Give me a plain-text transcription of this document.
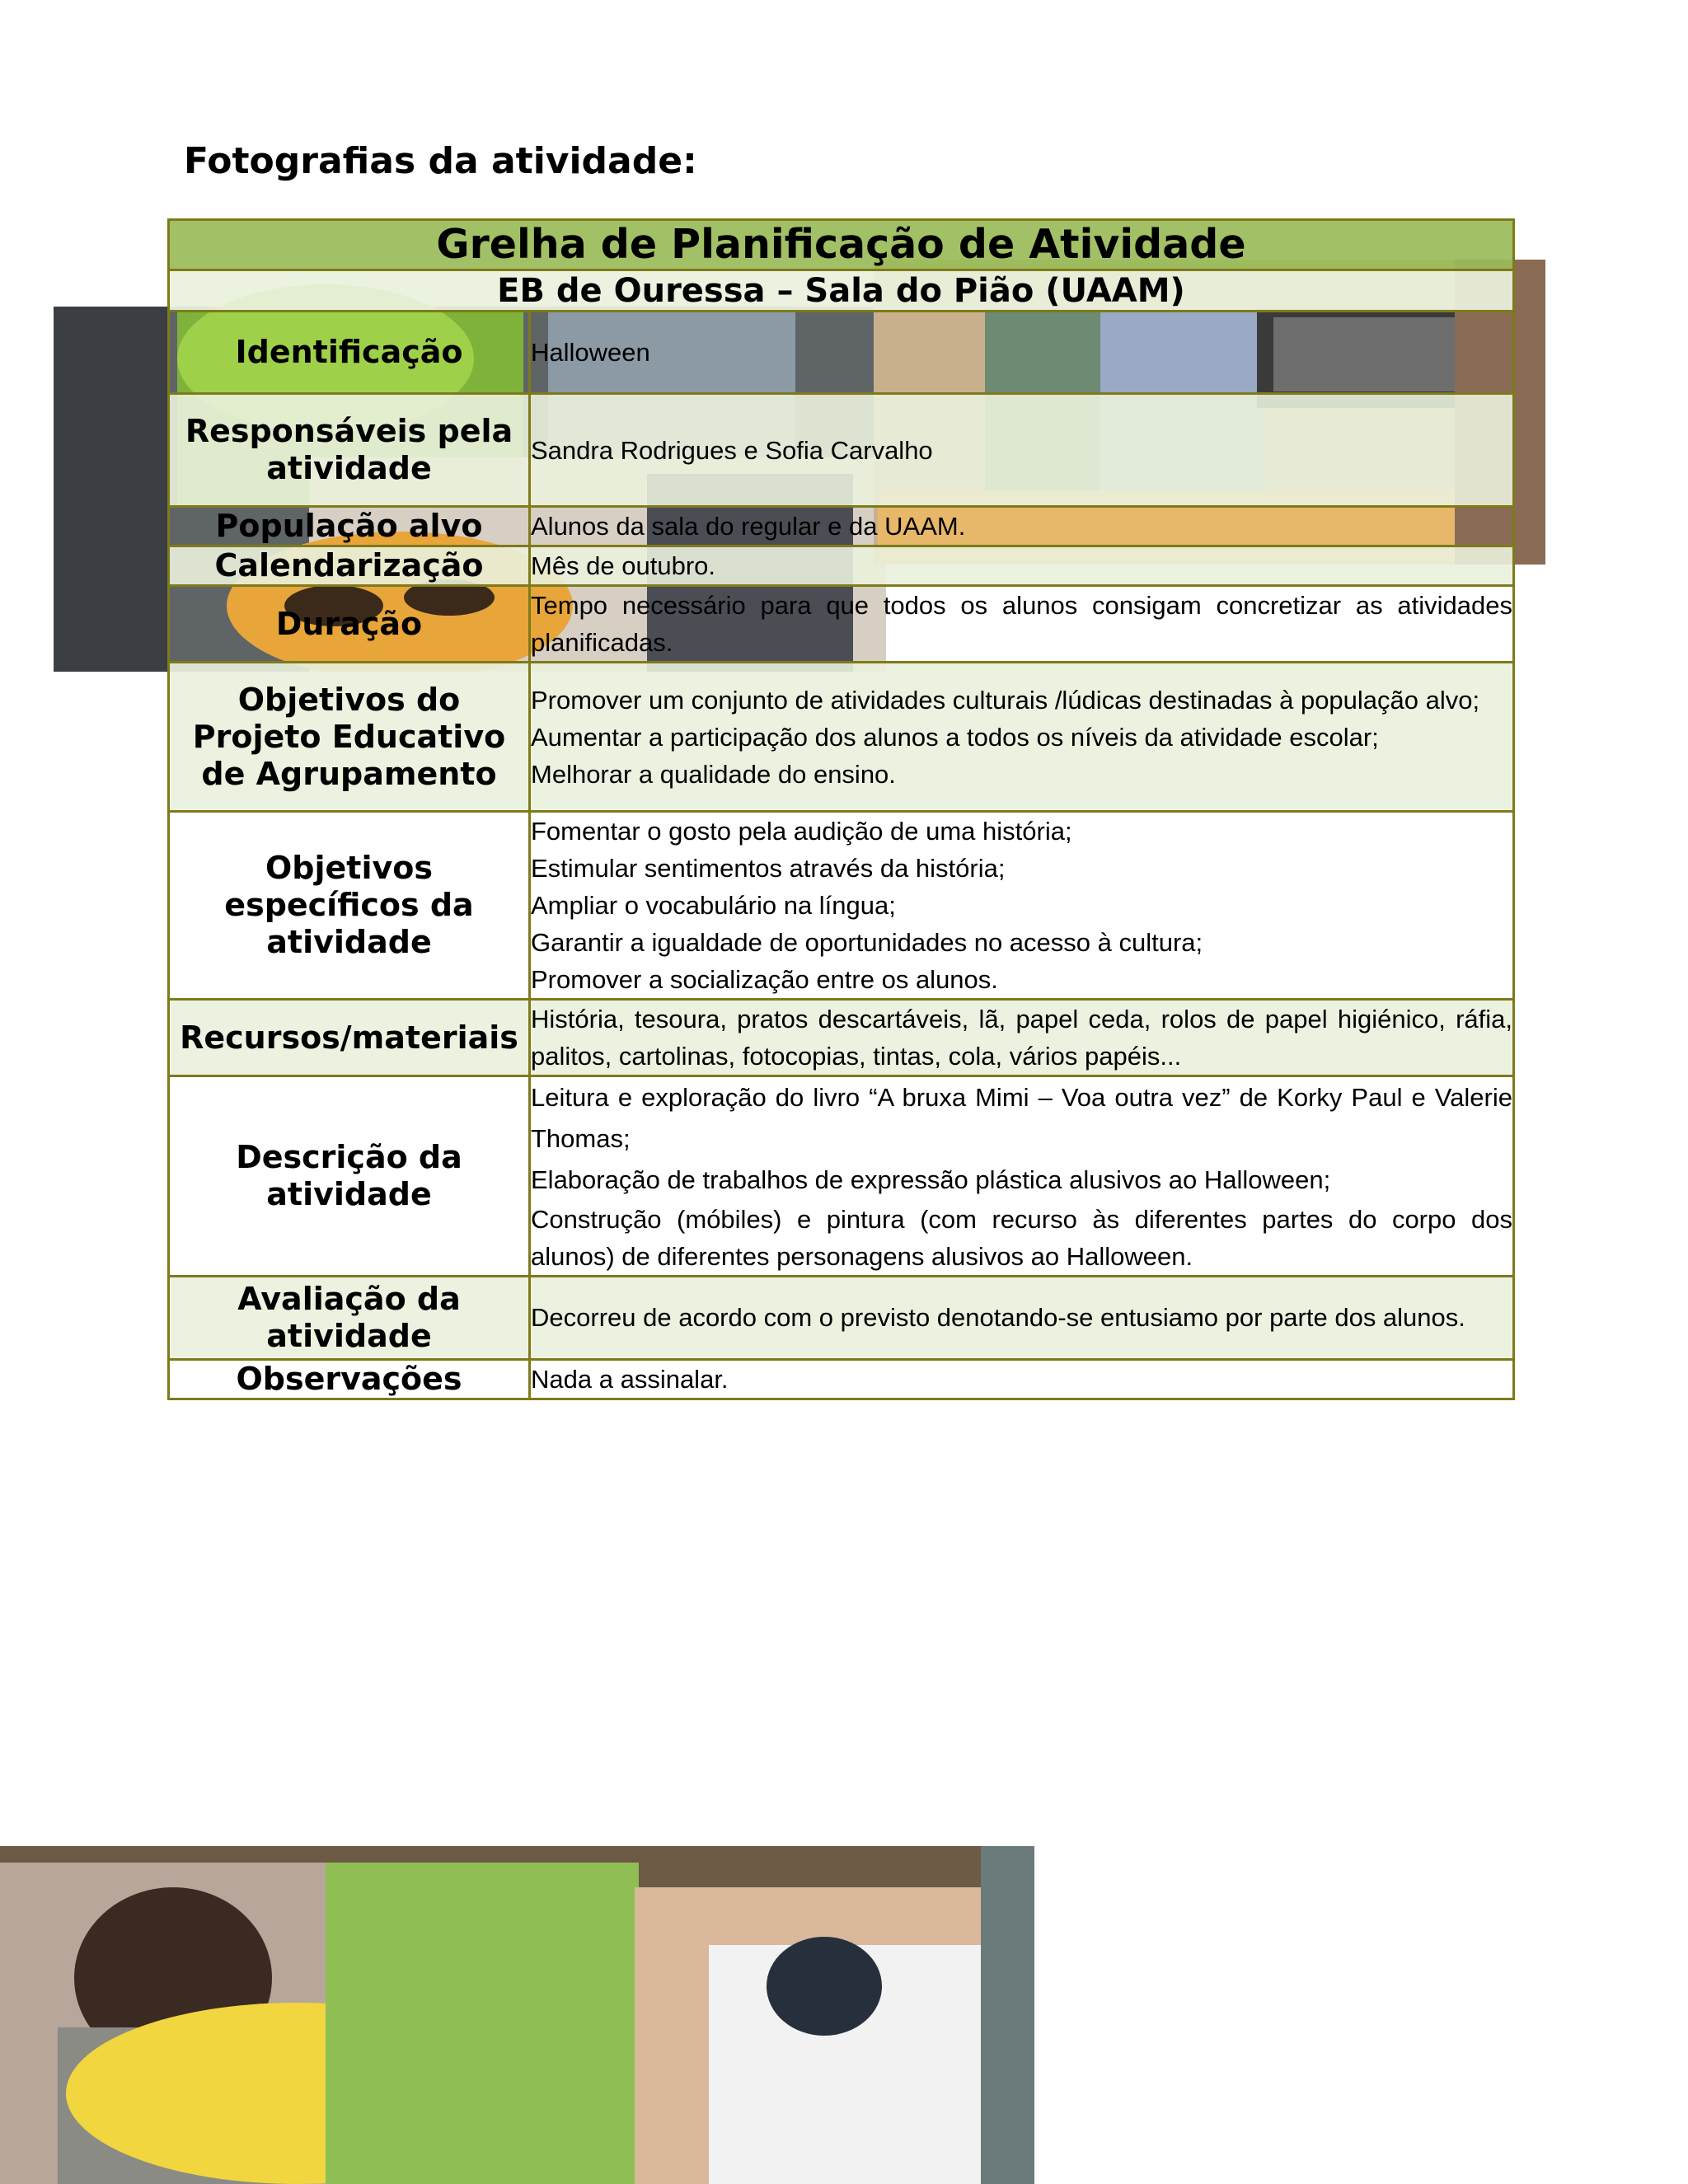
Fotografias da atividade:
Grelha de Planificação de Atividade	
EB de Ouressa – Sala do Pião (UAAM)	
Identificação	Halloween

Responsáveis pela atividade	Sandra Rodrigues e Sofia Carvalho

População alvo	Alunos da sala do regular e da UAAM.

Calendarização	Mês de outubro.

Duração	Tempo necessário para que todos os alunos consigam concretizar as atividades planificadas.

Objetivos do Projeto Educativo de Agrupamento	Promover um conjunto de atividades culturais /lúdicas destinadas à população alvo;
Aumentar a participação dos alunos a todos os níveis da atividade escolar;
Melhorar a qualidade do ensino.

Objetivos específicos da atividade	Fomentar o gosto pela audição de uma história;
Estimular sentimentos através da história;
Ampliar o vocabulário na língua;
Garantir a igualdade de oportunidades no acesso à cultura;
Promover a socialização entre os alunos.

Recursos/materiais	História, tesoura, pratos descartáveis, lã, papel ceda, rolos de papel higiénico, ráfia, palitos, cartolinas, fotocopias, tintas, cola, vários papéis...

Descrição da atividade	Leitura e exploração do livro “A bruxa Mimi – Voa outra vez” de Korky Paul e Valerie Thomas;
Elaboração de trabalhos de expressão plástica alusivos ao Halloween;
Construção (móbiles) e pintura (com recurso às diferentes partes do corpo dos alunos) de diferentes personagens alusivos ao Halloween.

Avaliação da atividade	Decorreu de acordo com o previsto denotando-se entusiamo por parte dos alunos.

Observações	Nada a assinalar.
